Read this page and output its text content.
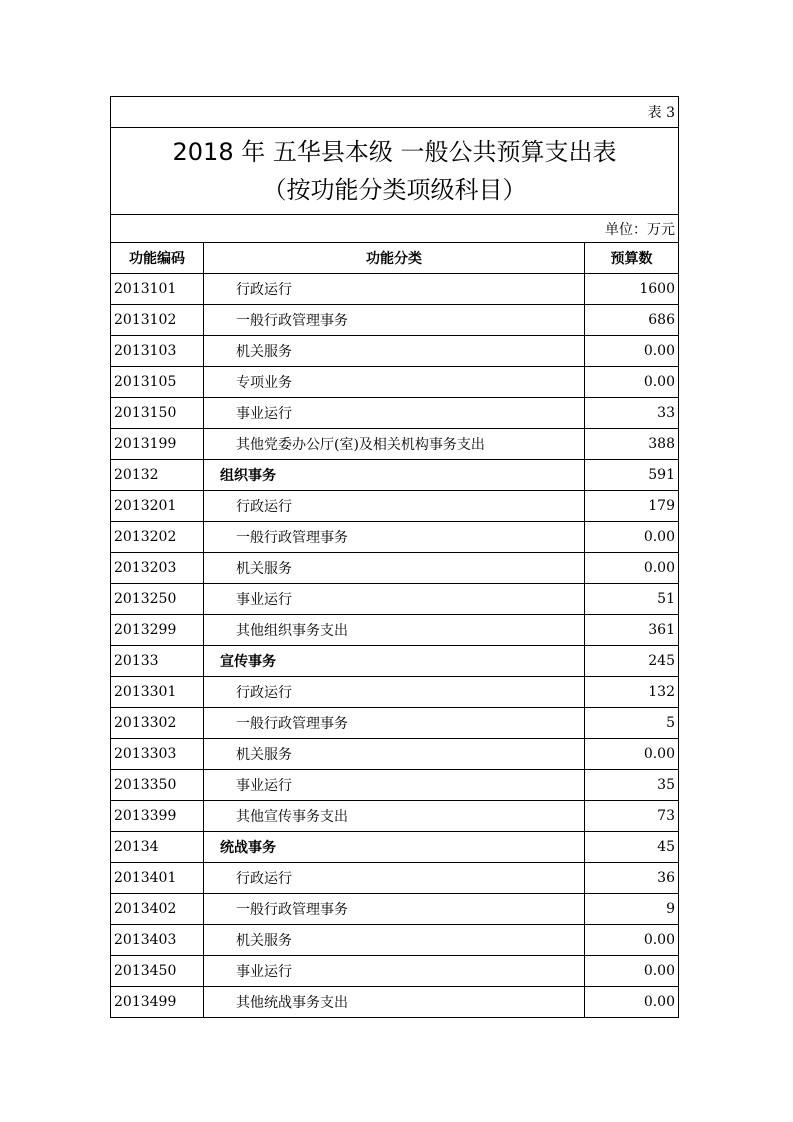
表 3		

2018 年 五华县本级 一般公共预算支出表
（按功能分类项级科目）		

单位：万元		
功能编码	功能分类	预算数
2013101	行政运行	1600
2013102	一般行政管理事务	686
2013103	机关服务	0.00
2013105	专项业务	0.00
2013150	事业运行	33
2013199	其他党委办公厅(室)及相关机构事务支出	388
20132	组织事务	591
2013201	行政运行	179
2013202	一般行政管理事务	0.00
2013203	机关服务	0.00
2013250	事业运行	51
2013299	其他组织事务支出	361
20133	宣传事务	245
2013301	行政运行	132
2013302	一般行政管理事务	5
2013303	机关服务	0.00
2013350	事业运行	35
2013399	其他宣传事务支出	73
20134	统战事务	45
2013401	行政运行	36
2013402	一般行政管理事务	9
2013403	机关服务	0.00
2013450	事业运行	0.00
2013499	其他统战事务支出	0.00
